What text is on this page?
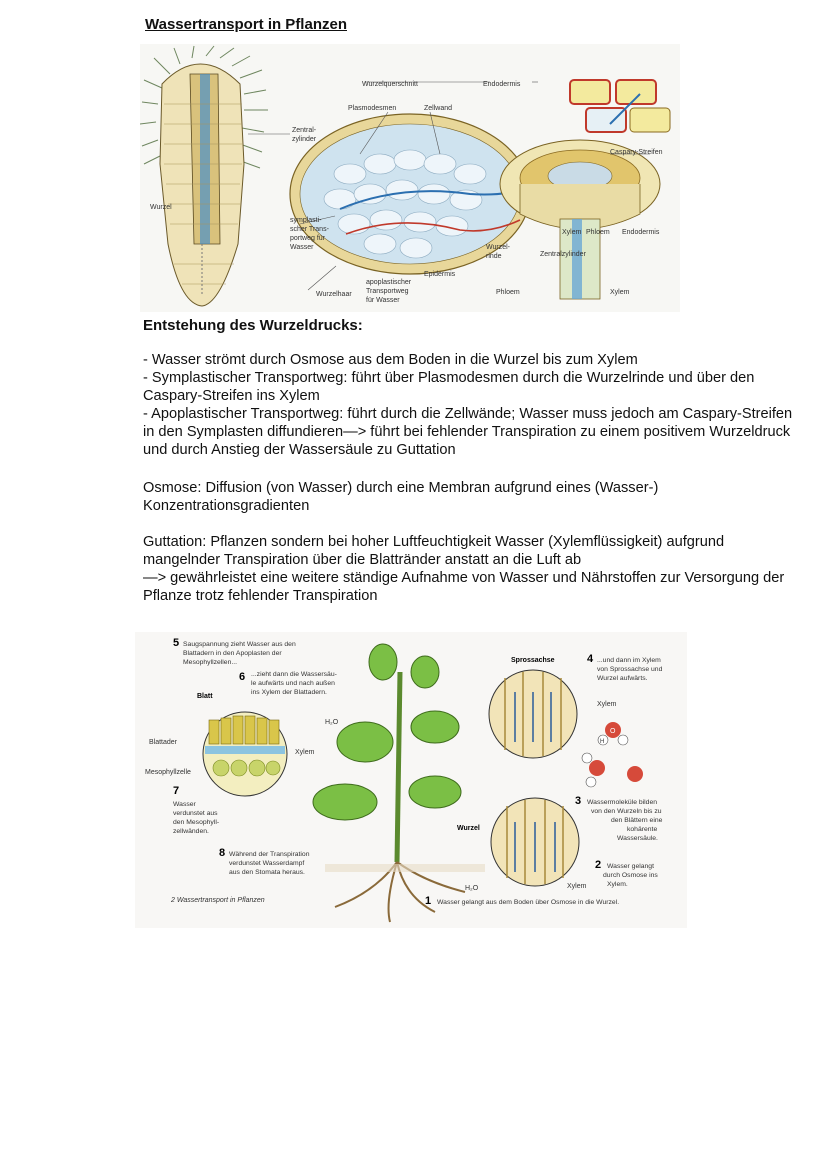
Wassertransport in Pflanzen
Wurzelquerschnitt	Endodermis
Plasmodesmen	Zellwand
Zentral-
zylinder
Caspary-Streifen
Wurzel
symplasti-
scher Trans-
portweg für
Wasser
Xylem Phloem Endodermis
Wurzel-
rinde	Zentralzylinder
Epidermis
apoplastischer
Transportweg
für Wasser
Wurzelhaar	Phloem	Xylem
Entstehung des Wurzeldrucks:

- Wasser strömt durch Osmose aus dem Boden in die Wurzel bis zum Xylem

- Symplastischer Transportweg: führt über Plasmodesmen durch die Wurzelrinde und über den Caspary-Streifen ins Xylem

- Apoplastischer Transportweg: führt durch die Zellwände; Wasser muss jedoch am Caspary-Streifen in den Symplasten diffundieren—> führt bei fehlender Transpiration zu einem positivem Wurzeldruck und durch Anstieg der Wassersäule zu Guttation

Osmose: Diffusion (von Wasser) durch eine Membran aufgrund eines (Wasser-) Konzentrationsgradienten

Guttation: Pflanzen sondern bei hoher Luftfeuchtigkeit Wasser (Xylemflüssigkeit) aufgrund mangelnder Transpiration über die Blattränder anstatt an die Luft ab

—> gewährleistet eine weitere ständige Aufnahme von Wasser und Nährstoffen zur Versorgung der Pflanze trotz fehlender Transpiration

5 Saugspannung zieht Wasser aus den
Blattadern in den Apoplasten der
Mesophyllzellen...
6 ...zieht dann die Wassersäu-
le aufwärts und nach außen
ins Xylem der Blattadern.
Blatt
H₂O
Blattader
Mesophyllzelle
Xylem
7
Wasser
verdunstet aus
den Mesophyll-
zellwänden.
8 Während der Transpiration
verdunstet Wasserdampf
aus den Stomata heraus.
2 Wassertransport in Pflanzen
Sprossachse	4 ...und dann im Xylem
von Sprossachse und
Wurzel aufwärts.
Xylem
H
O
3 Wassermoleküle bilden
von den Wurzeln bis zu
den Blättern eine
kohärente
Wassersäule.
Wurzel
2 Wasser gelangt
durch Osmose ins
Xylem.
Xylem
H₂O
1 Wasser gelangt aus dem Boden über Osmose in die Wurzel.
